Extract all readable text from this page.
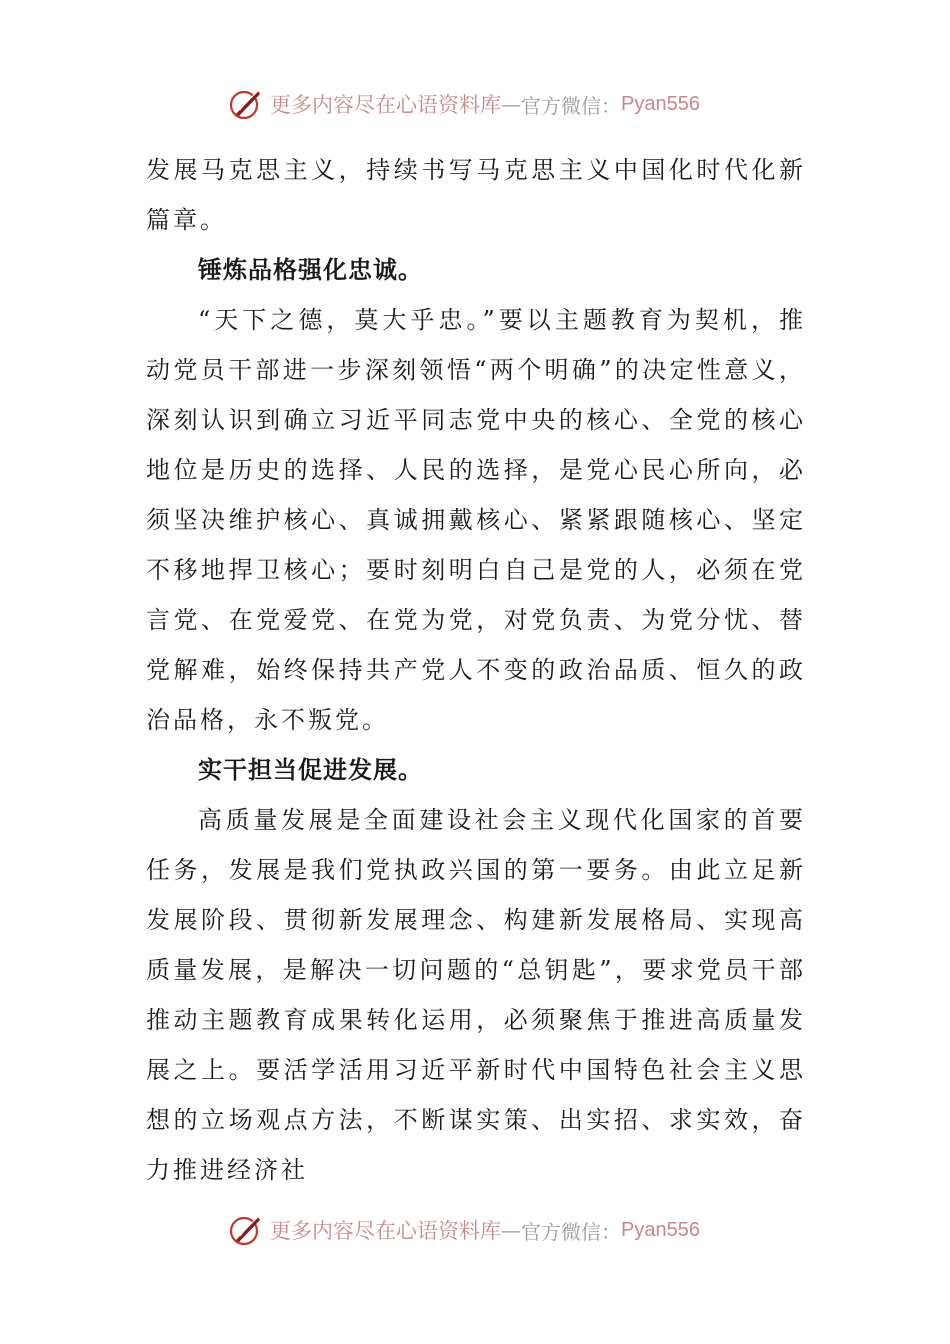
更多内容尽在心语资料库 — 官方微信： Pyan556

发展马克思主义，持续书写马克思主义中国化时代化新篇章。

锤炼品格强化忠诚。

“天下之德，莫大乎忠。”要以主题教育为契机，推动党员干部进一步深刻领悟“两个明确”的决定性意义，深刻认识到确立习近平同志党中央的核心、全党的核心地位是历史的选择、人民的选择，是党心民心所向，必须坚决维护核心、真诚拥戴核心、紧紧跟随核心、坚定不移地捍卫核心；要时刻明白自己是党的人，必须在党言党、在党爱党、在党为党，对党负责、为党分忧、替党解难，始终保持共产党人不变的政治品质、恒久的政治品格，永不叛党。

实干担当促进发展。

高质量发展是全面建设社会主义现代化国家的首要任务，发展是我们党执政兴国的第一要务。由此立足新发展阶段、贯彻新发展理念、构建新发展格局、实现高质量发展，是解决一切问题的“总钥匙”，要求党员干部推动主题教育成果转化运用，必须聚焦于推进高质量发展之上。要活学活用习近平新时代中国特色社会主义思想的立场观点方法，不断谋实策、出实招、求实效，奋力推进经济社

更多内容尽在心语资料库 — 官方微信： Pyan556
